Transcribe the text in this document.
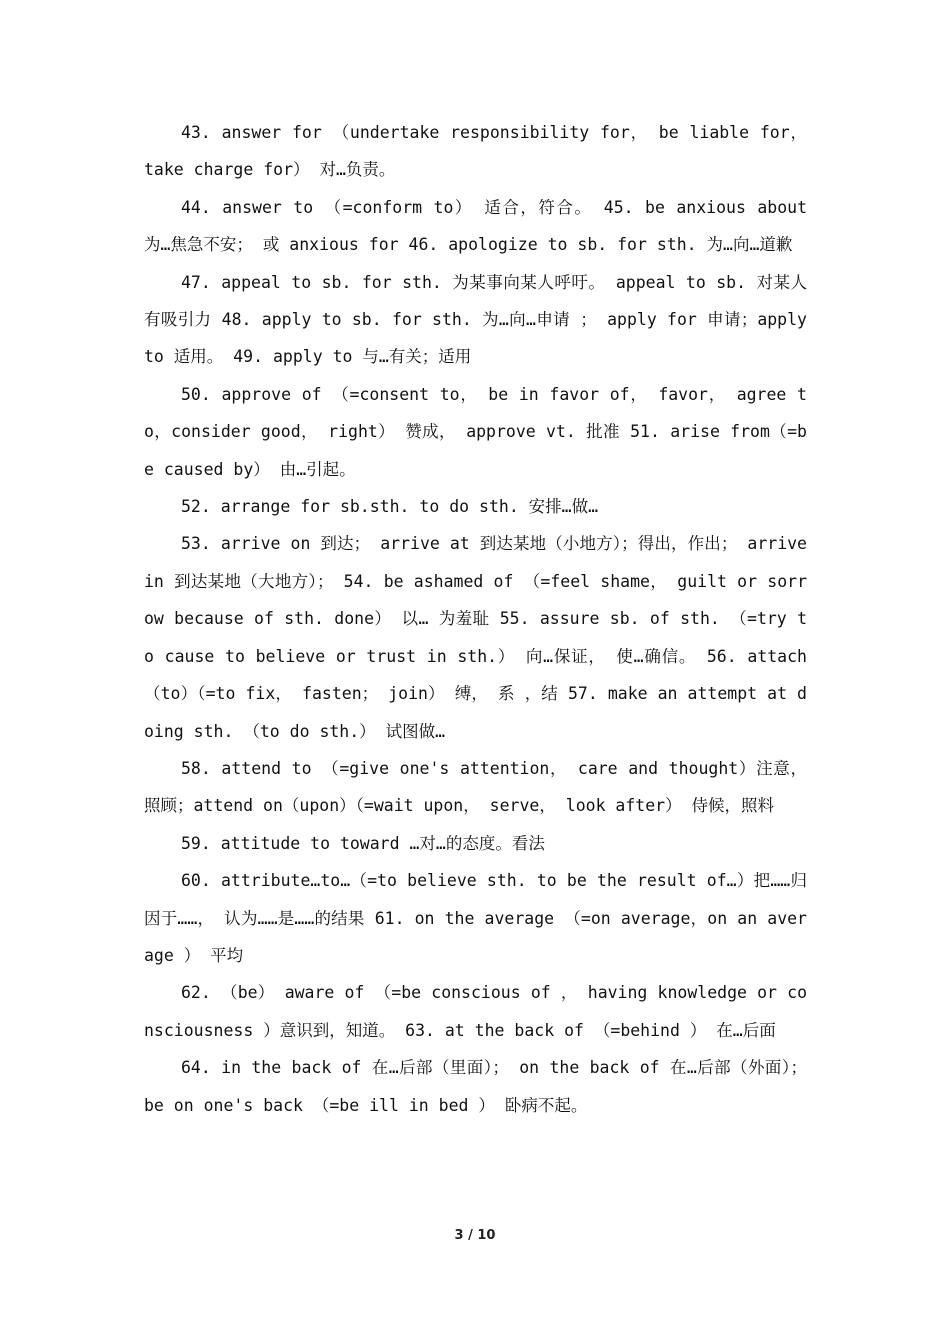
43. answer for （undertake responsibility for， be liable for， take charge for） 对…负责。

44. answer to （=conform to） 适合，符合。 45. be anxious about 为…焦急不安； 或 anxious for 46. apologize to sb. for sth. 为…向…道歉

47. appeal to sb. for sth. 为某事向某人呼吁。 appeal to sb. 对某人有吸引力 48. apply to sb. for sth. 为…向…申请 ； apply for 申请；apply to 适用。 49. apply to 与…有关；适用

50. approve of （=consent to， be in favor of， favor， agree to，consider good， right） 赞成， approve vt. 批准 51. arise from（=be caused by） 由…引起。

52. arrange for sb.sth. to do sth. 安排…做…

53. arrive on 到达； arrive at 到达某地（小地方）；得出，作出； arrive in 到达某地（大地方）； 54. be ashamed of （=feel shame， guilt or sorrow because of sth. done） 以… 为羞耻 55. assure sb. of sth. （=try to cause to believe or trust in sth.） 向…保证， 使…确信。 56. attach（to）（=to fix， fasten； join） 缚， 系 ，结 57. make an attempt at doing sth. （to do sth.） 试图做…

58. attend to （=give one's attention， care and thought）注意，照顾；attend on（upon）（=wait upon， serve， look after） 侍候，照料

59. attitude to toward …对…的态度。看法

60. attribute…to…（=to believe sth. to be the result of…）把……归因于……， 认为……是……的结果 61. on the average （=on average，on an average ） 平均

62. （be） aware of （=be conscious of ， having knowledge or consciousness ）意识到，知道。 63. at the back of （=behind ） 在…后面

64. in the back of 在…后部（里面）； on the back of 在…后部（外面）； be on one's back （=be ill in bed ） 卧病不起。

3 / 10
